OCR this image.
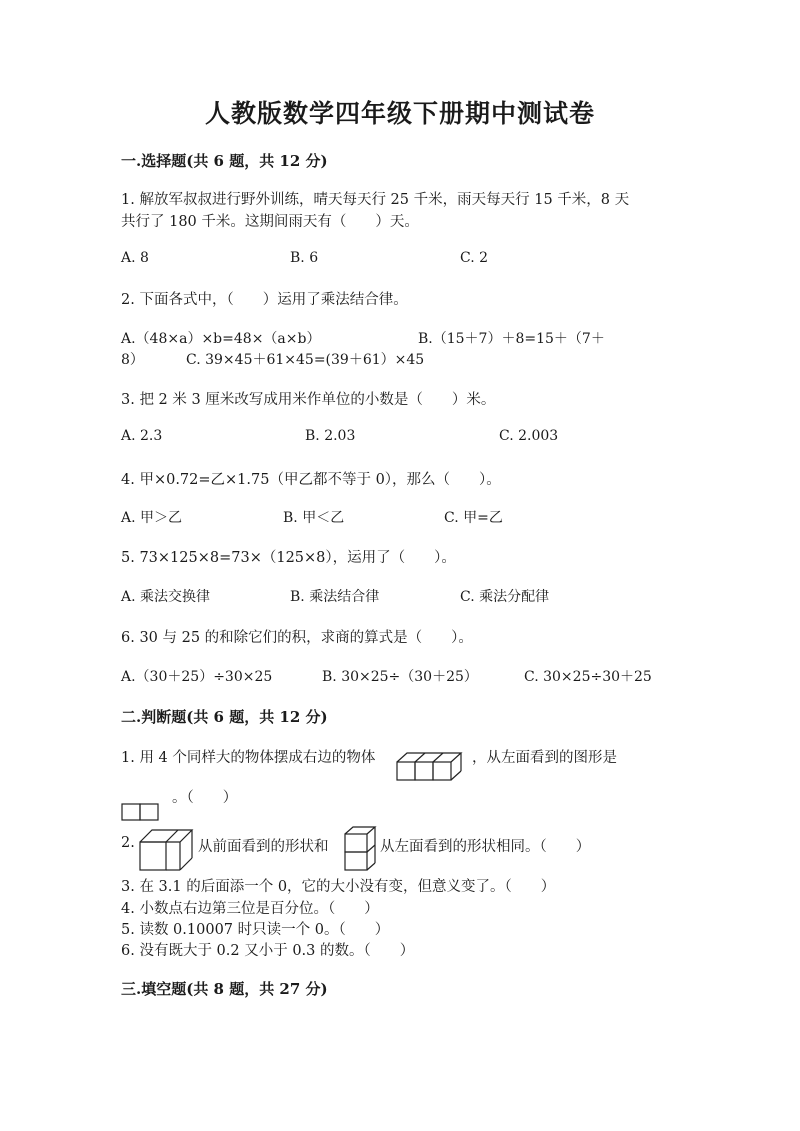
人教版数学四年级下册期中测试卷
一.选择题(共 6 题，共 12 分)
1. 解放军叔叔进行野外训练，晴天每天行 25 千米，雨天每天行 15 千米，8 天
共行了 180 千米。这期间雨天有（　　）天。
A. 8	B. 6	C. 2
2. 下面各式中，（　　）运用了乘法结合律。
A.（48×a）×b=48×（a×b）	B.（15＋7）＋8=15＋（7＋
8）	C. 39×45＋61×45=(39＋61）×45
3. 把 2 米 3 厘米改写成用米作单位的小数是（　　）米。
A. 2.3	B. 2.03	C. 2.003
4. 甲×0.72=乙×1.75（甲乙都不等于 0），那么（　　）。
A. 甲＞乙	B. 甲＜乙	C. 甲=乙
5. 73×125×8=73×（125×8），运用了（　　）。
A. 乘法交换律	B. 乘法结合律	C. 乘法分配律
6. 30 与 25 的和除它们的积，求商的算式是（　　）。
A.（30＋25）÷30×25	B. 30×25÷（30＋25）	C. 30×25÷30＋25
二.判断题(共 6 题，共 12 分)
1. 用 4 个同样大的物体摆成右边的物体	，从左面看到的图形是
。（　　）
2.	从前面看到的形状和	从左面看到的形状相同。（　　）
3. 在 3.1 的后面添一个 0，它的大小没有变，但意义变了。（　　）
4. 小数点右边第三位是百分位。（　　）
5. 读数 0.10007 时只读一个 0。（　　）
6. 没有既大于 0.2 又小于 0.3 的数。（　　）
三.填空题(共 8 题，共 27 分)
